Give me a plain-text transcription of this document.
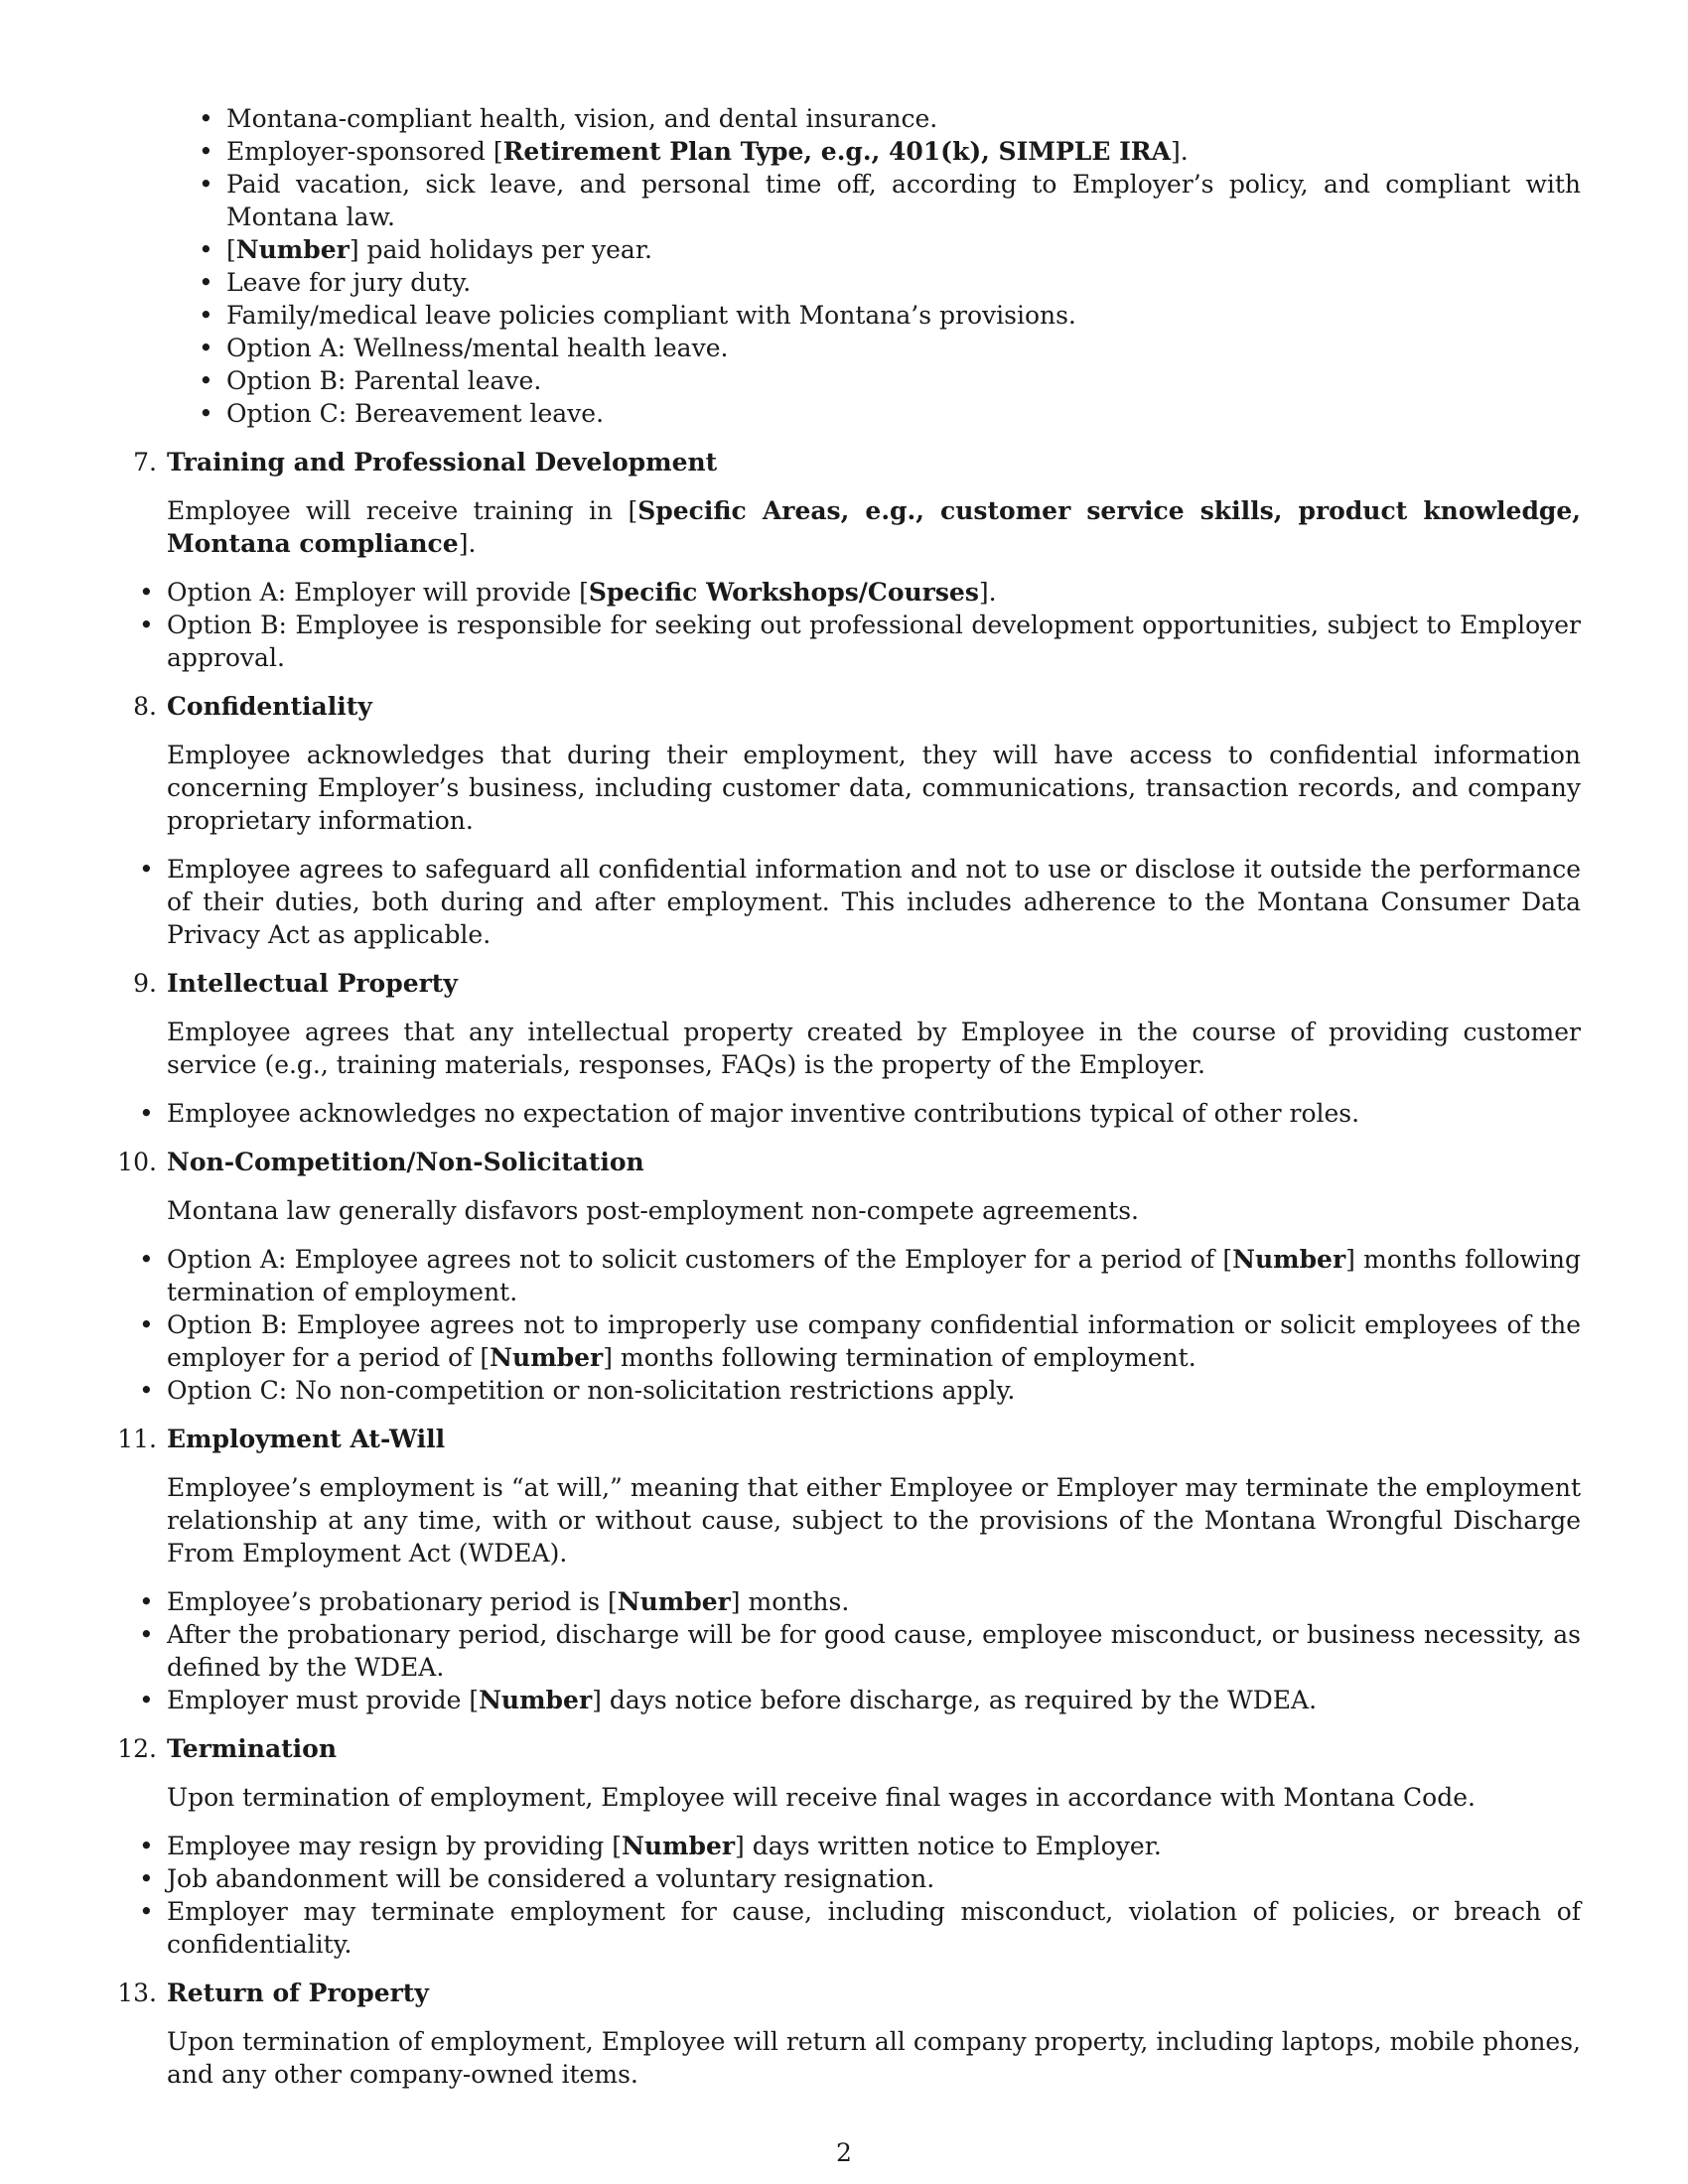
• Montana-compliant health, vision, and dental insurance.
• Employer-sponsored [Retirement Plan Type, e.g., 401(k), SIMPLE IRA].
• Paid vacation, sick leave, and personal time off, according to Employer’s policy, and compliant with Montana law.
• [Number] paid holidays per year.
• Leave for jury duty.
• Family/medical leave policies compliant with Montana’s provisions.
• Option A: Wellness/mental health leave.
• Option B: Parental leave.
• Option C: Bereavement leave.

7. Training and Professional Development

Employee will receive training in [Specific Areas, e.g., customer service skills, product knowledge, Montana compliance].

• Option A: Employer will provide [Specific Workshops/Courses].
• Option B: Employee is responsible for seeking out professional development opportunities, subject to Employer approval.

8. Confidentiality

Employee acknowledges that during their employment, they will have access to confidential information concerning Employer’s business, including customer data, communications, transaction records, and company proprietary information.

• Employee agrees to safeguard all confidential information and not to use or disclose it outside the performance of their duties, both during and after employment. This includes adherence to the Montana Consumer Data Privacy Act as applicable.

9. Intellectual Property

Employee agrees that any intellectual property created by Employee in the course of providing customer service (e.g., training materials, responses, FAQs) is the property of the Employer.

• Employee acknowledges no expectation of major inventive contributions typical of other roles.

10. Non-Competition/Non-Solicitation

Montana law generally disfavors post-employment non-compete agreements.

• Option A: Employee agrees not to solicit customers of the Employer for a period of [Number] months following termination of employment.
• Option B: Employee agrees not to improperly use company confidential information or solicit employees of the employer for a period of [Number] months following termination of employment.
• Option C: No non-competition or non-solicitation restrictions apply.

11. Employment At-Will

Employee’s employment is “at will,” meaning that either Employee or Employer may terminate the employment relationship at any time, with or without cause, subject to the provisions of the Montana Wrongful Discharge From Employment Act (WDEA).

• Employee’s probationary period is [Number] months.
• After the probationary period, discharge will be for good cause, employee misconduct, or business necessity, as defined by the WDEA.
• Employer must provide [Number] days notice before discharge, as required by the WDEA.

12. Termination

Upon termination of employment, Employee will receive final wages in accordance with Montana Code.

• Employee may resign by providing [Number] days written notice to Employer.
• Job abandonment will be considered a voluntary resignation.
• Employer may terminate employment for cause, including misconduct, violation of policies, or breach of confidentiality.

13. Return of Property

Upon termination of employment, Employee will return all company property, including laptops, mobile phones, and any other company-owned items.

2
